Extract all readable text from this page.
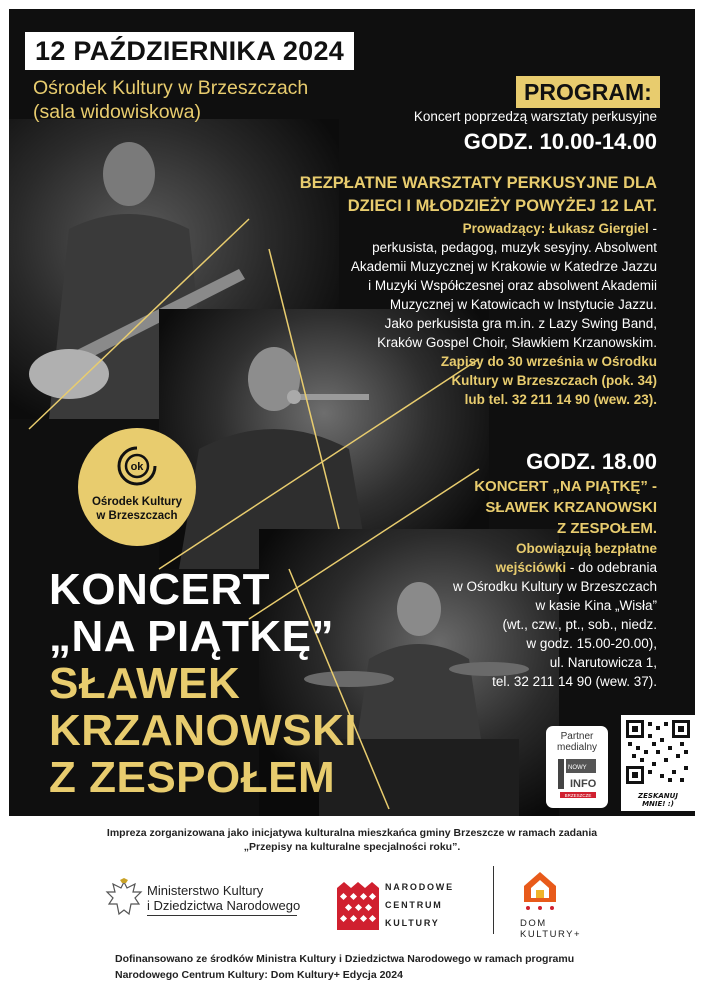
12 PAŹDZIERNIKA 2024
Ośrodek Kultury w Brzeszczach
(sala widowiskowa)
PROGRAM:
Koncert poprzedzą warsztaty perkusyjne
GODZ. 10.00-14.00
BEZPŁATNE WARSZTATY PERKUSYJNE DLA
DZIECI I MŁODZIEŻY POWYŻEJ 12 LAT.
Prowadzący: Łukasz Giergiel -
perkusista, pedagog, muzyk sesyjny. Absolwent
Akademii Muzycznej w Krakowie w Katedrze Jazzu
i Muzyki Współczesnej oraz absolwent Akademii
Muzycznej w Katowicach w Instytucie Jazzu.
Jako perkusista gra m.in. z Lazy Swing Band,
Kraków Gospel Choir, Sławkiem Krzanowskim.
Zapisy do 30 września w Ośrodku
Kultury w Brzeszczach (pok. 34)
lub tel. 32 211 14 90 (wew. 23).
GODZ. 18.00
KONCERT „NA PIĄTKĘ” -
SŁAWEK KRZANOWSKI
Z ZESPOŁEM.
Obowiązują bezpłatne
wejściówki - do odebrania
w Ośrodku Kultury w Brzeszczach
w kasie Kina „Wisła”
(wt., czw., pt., sob., niedz.
w godz. 15.00-20.00),
ul. Narutowicza 1,
tel. 32 211 14 90 (wew. 37).
ok
Ośrodek Kultury
w Brzeszczach
KONCERT
„NA PIĄTKĘ”
SŁAWEK
KRZANOWSKI
Z ZESPOŁEM
Partner
medialny
NOWY
INFO
BRZESZCZE	ZESKANUJ
MNIE! :)
Impreza zorganizowana jako inicjatywa kulturalna mieszkańca gminy Brzeszcze w ramach zadania
„Przepisy na kulturalne specjalności roku”.
Ministerstwo Kultury
i Dziedzictwa Narodowego
NARODOWE
CENTRUM
KULTURY	DOM
KULTURY+
Dofinansowano ze środków Ministra Kultury i Dziedzictwa Narodowego w ramach programu
Narodowego Centrum Kultury: Dom Kultury+ Edycja 2024
